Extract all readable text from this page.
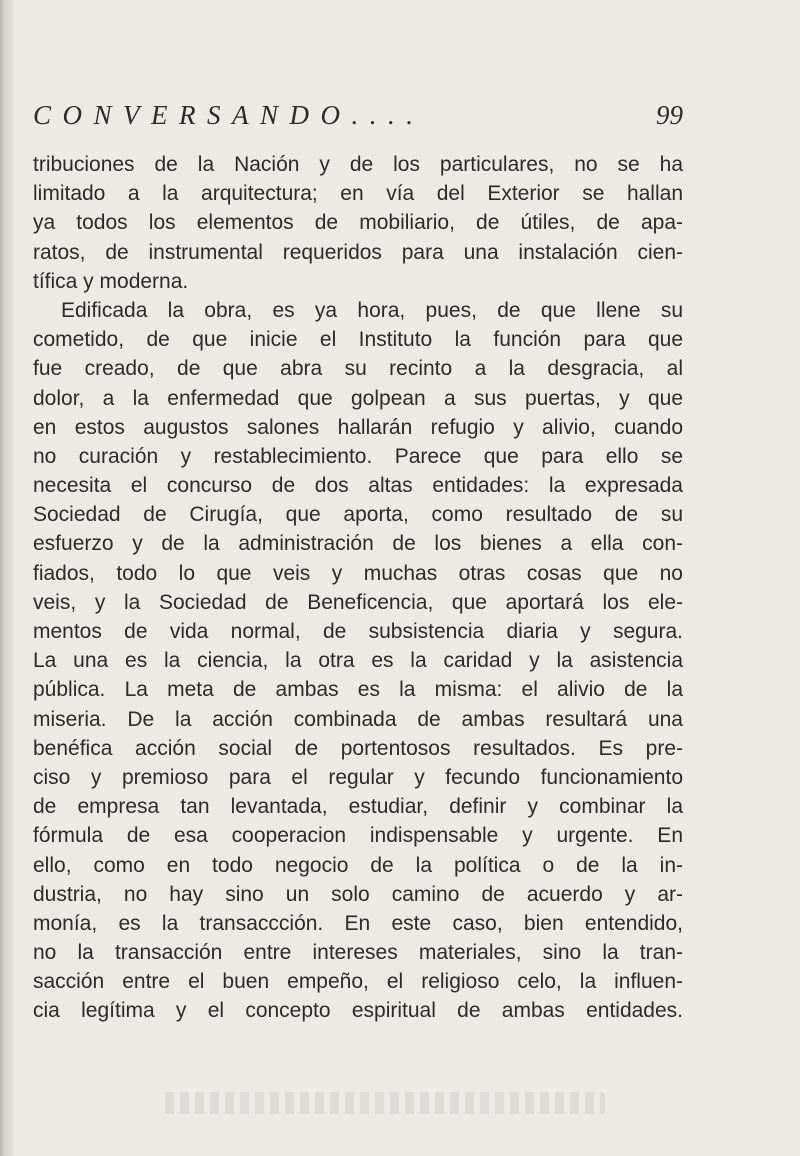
CONVERSANDO....	99
tribuciones de la Nación y de los particulares, no se ha
limitado a la arquitectura; en vía del Exterior se hallan
ya todos los elementos de mobiliario, de útiles, de apa-
ratos, de instrumental requeridos para una instalación cien-
tífica y moderna.
Edificada la obra, es ya hora, pues, de que llene su
cometido, de que inicie el Instituto la función para que
fue creado, de que abra su recinto a la desgracia, al
dolor, a la enfermedad que golpean a sus puertas, y que
en estos augustos salones hallarán refugio y alivio, cuando
no curación y restablecimiento. Parece que para ello se
necesita el concurso de dos altas entidades: la expresada
Sociedad de Cirugía, que aporta, como resultado de su
esfuerzo y de la administración de los bienes a ella con-
fiados, todo lo que veis y muchas otras cosas que no
veis, y la Sociedad de Beneficencia, que aportará los ele-
mentos de vida normal, de subsistencia diaria y segura.
La una es la ciencia, la otra es la caridad y la asistencia
pública. La meta de ambas es la misma: el alivio de la
miseria. De la acción combinada de ambas resultará una
benéfica acción social de portentosos resultados. Es pre-
ciso y premioso para el regular y fecundo funcionamiento
de empresa tan levantada, estudiar, definir y combinar la
fórmula de esa cooperacion indispensable y urgente. En
ello, como en todo negocio de la política o de la in-
dustria, no hay sino un solo camino de acuerdo y ar-
monía, es la transaccción. En este caso, bien entendido,
no la transacción entre intereses materiales, sino la tran-
sacción entre el buen empeño, el religioso celo, la influen-
cia legítima y el concepto espiritual de ambas entidades.
